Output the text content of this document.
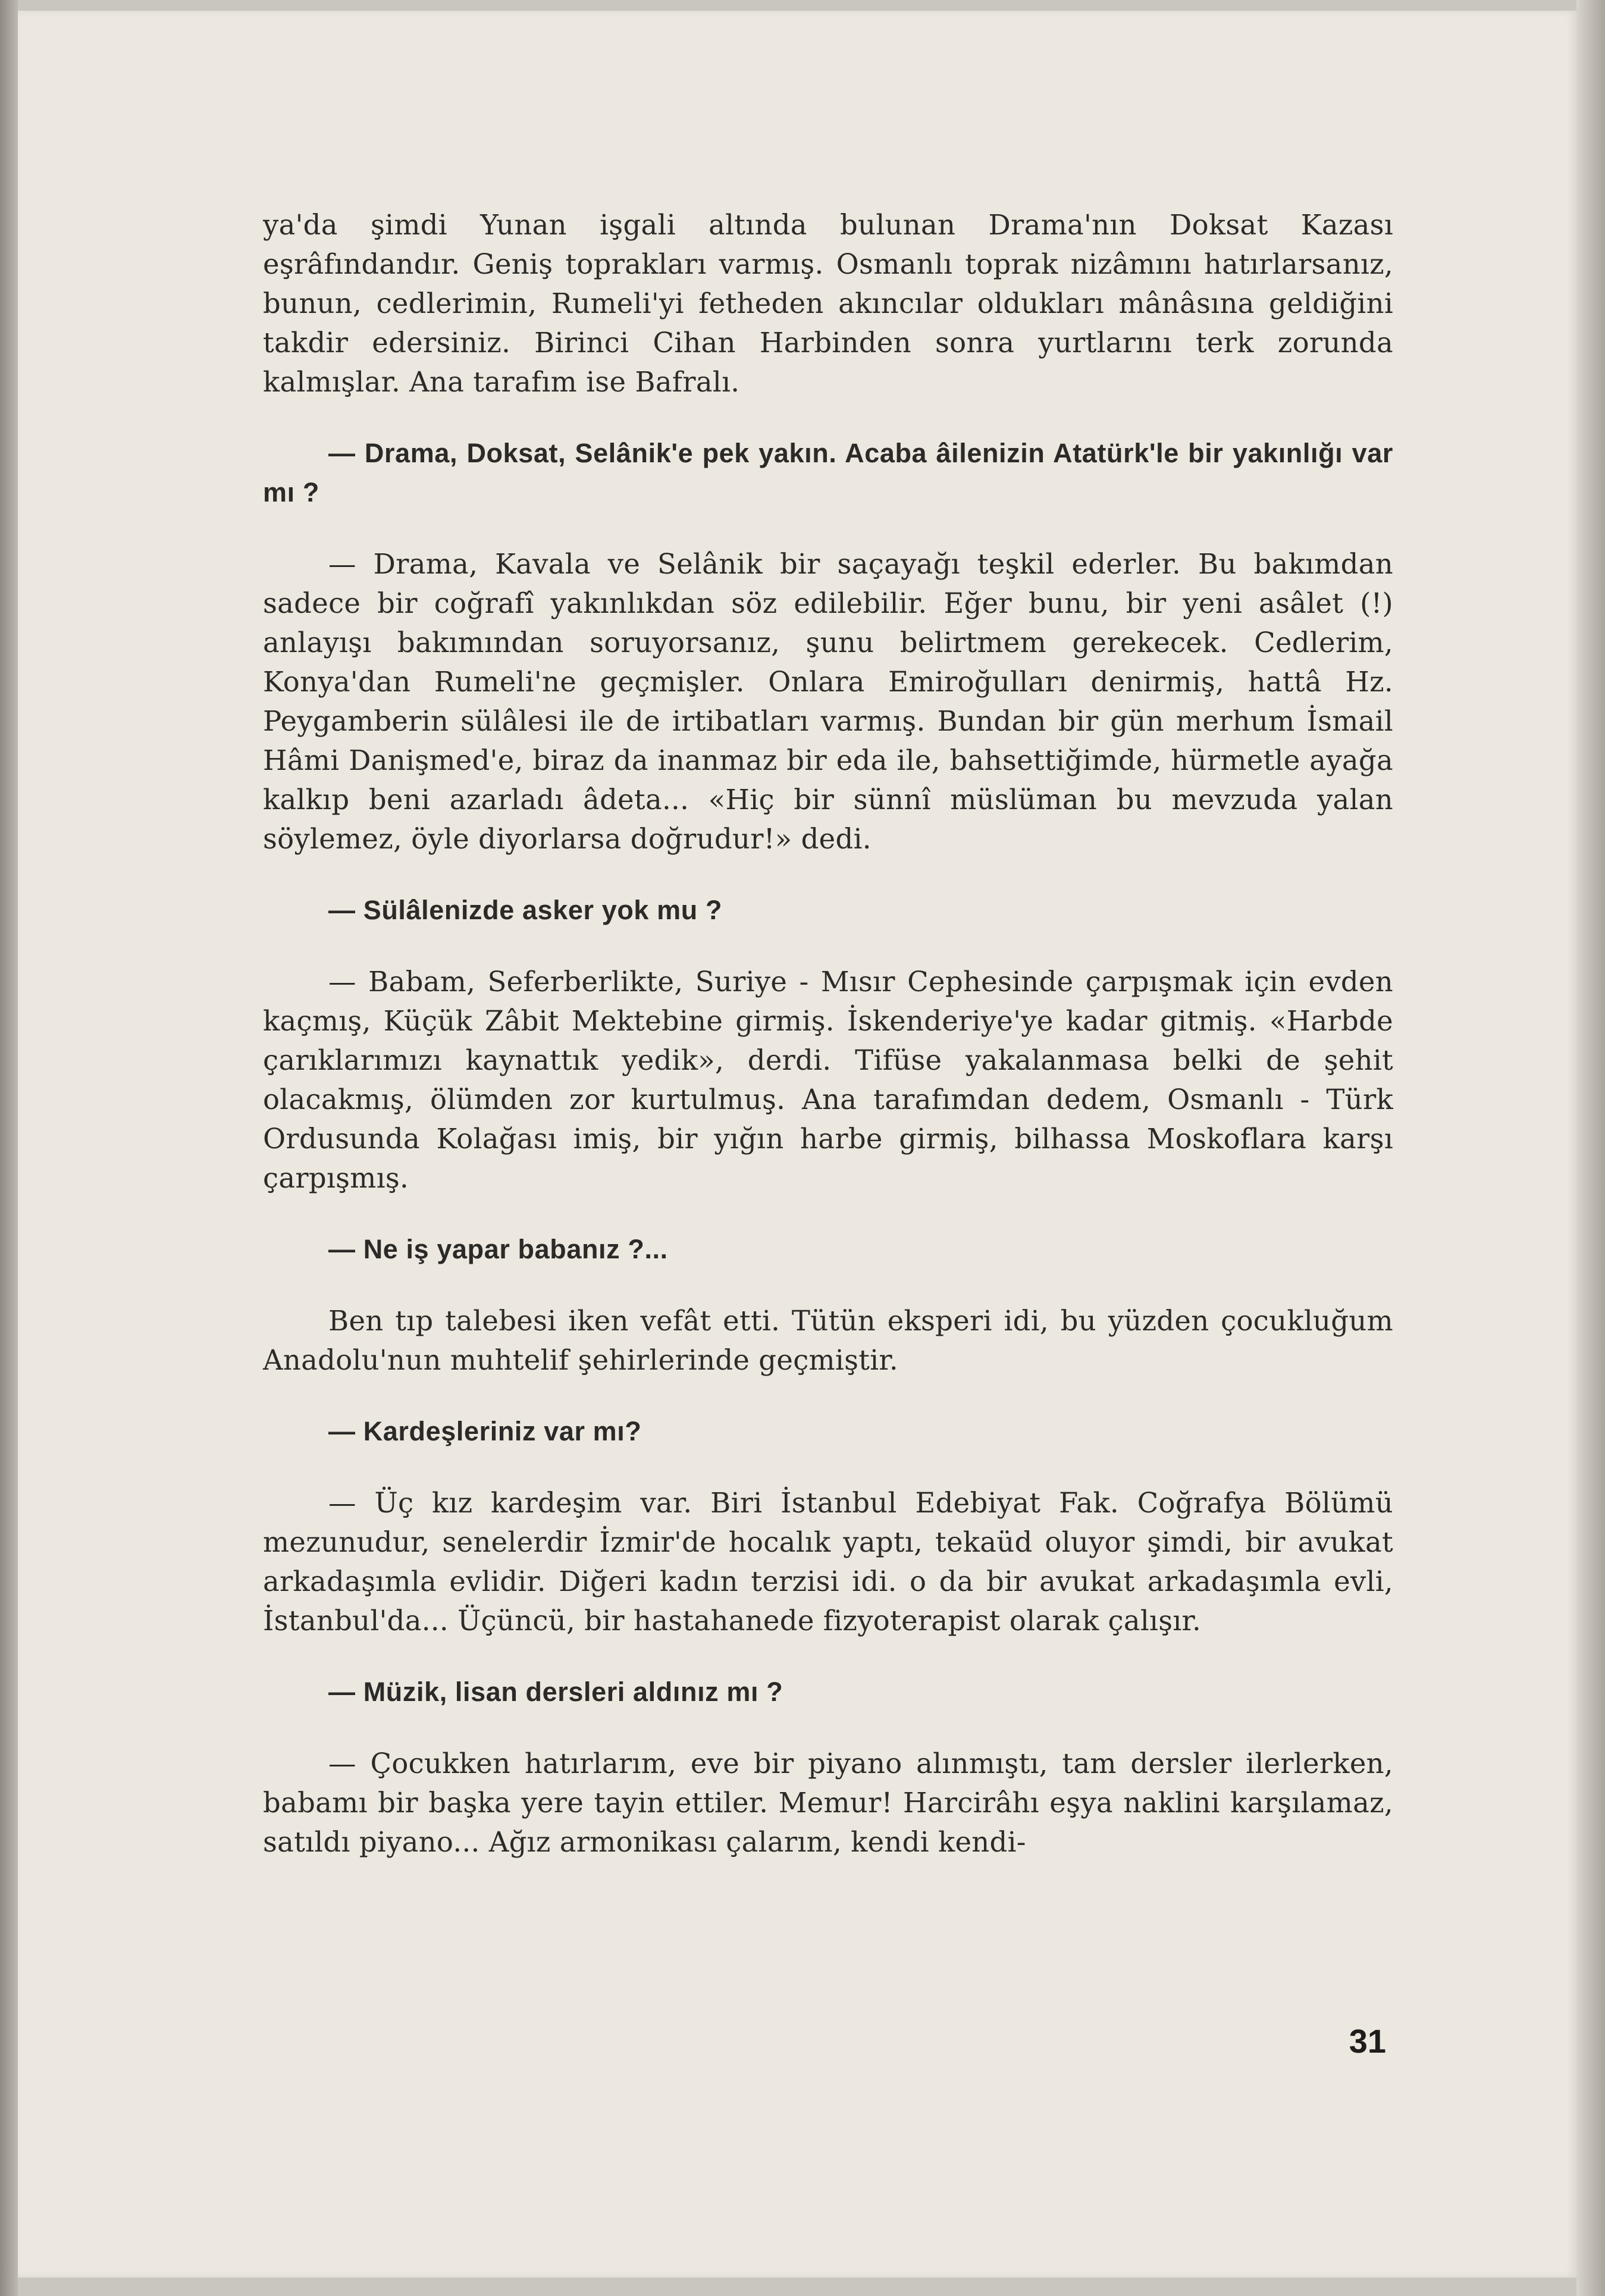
ya'da şimdi Yunan işgali altında bulunan Drama'nın Doksat Kazası eşrâfındandır. Geniş toprakları varmış. Osmanlı toprak nizâmını hatırlarsanız, bunun, cedlerimin, Rumeli'yi fetheden akıncılar oldukları mânâsına geldiğini takdir edersiniz. Birinci Cihan Harbinden sonra yurtlarını terk zorunda kalmışlar. Ana tarafım ise Bafralı.

— Drama, Doksat, Selânik'e pek yakın. Acaba âilenizin Atatürk'le bir yakınlığı var mı ?

— Drama, Kavala ve Selânik bir saçayağı teşkil ederler. Bu bakımdan sadece bir coğrafî yakınlıkdan söz edilebilir. Eğer bunu, bir yeni asâlet (!) anlayışı bakımından soruyorsanız, şunu belirtmem gerekecek. Cedlerim, Konya'dan Rumeli'ne geçmişler. Onlara Emiroğulları denirmiş, hattâ Hz. Peygamberin sülâlesi ile de irtibatları varmış. Bundan bir gün merhum İsmail Hâmi Danişmed'e, biraz da inanmaz bir eda ile, bahsettiğimde, hürmetle ayağa kalkıp beni azarladı âdeta... «Hiç bir sünnî müslüman bu mevzuda yalan söylemez, öyle diyorlarsa doğrudur!» dedi.

— Sülâlenizde asker yok mu ?

— Babam, Seferberlikte, Suriye - Mısır Cephesinde çarpışmak için evden kaçmış, Küçük Zâbit Mektebine girmiş. İskenderiye'ye kadar gitmiş. «Harbde çarıklarımızı kaynattık yedik», derdi. Tifüse yakalanmasa belki de şehit olacakmış, ölümden zor kurtulmuş. Ana tarafımdan dedem, Osmanlı - Türk Ordusunda Kolağası imiş, bir yığın harbe girmiş, bilhassa Moskoflara karşı çarpışmış.

— Ne iş yapar babanız ?...

Ben tıp talebesi iken vefât etti. Tütün eksperi idi, bu yüzden çocukluğum Anadolu'nun muhtelif şehirlerinde geçmiştir.

— Kardeşleriniz var mı?

— Üç kız kardeşim var. Biri İstanbul Edebiyat Fak. Coğrafya Bölümü mezunudur, senelerdir İzmir'de hocalık yaptı, tekaüd oluyor şimdi, bir avukat arkadaşımla evlidir. Diğeri kadın terzisi idi. o da bir avukat arkadaşımla evli, İstanbul'da... Üçüncü, bir hastahanede fizyoterapist olarak çalışır.

— Müzik, lisan dersleri aldınız mı ?

— Çocukken hatırlarım, eve bir piyano alınmıştı, tam dersler ilerlerken, babamı bir başka yere tayin ettiler. Memur! Harcirâhı eşya naklini karşılamaz, satıldı piyano... Ağız armonikası çalarım, kendi kendi-

31
